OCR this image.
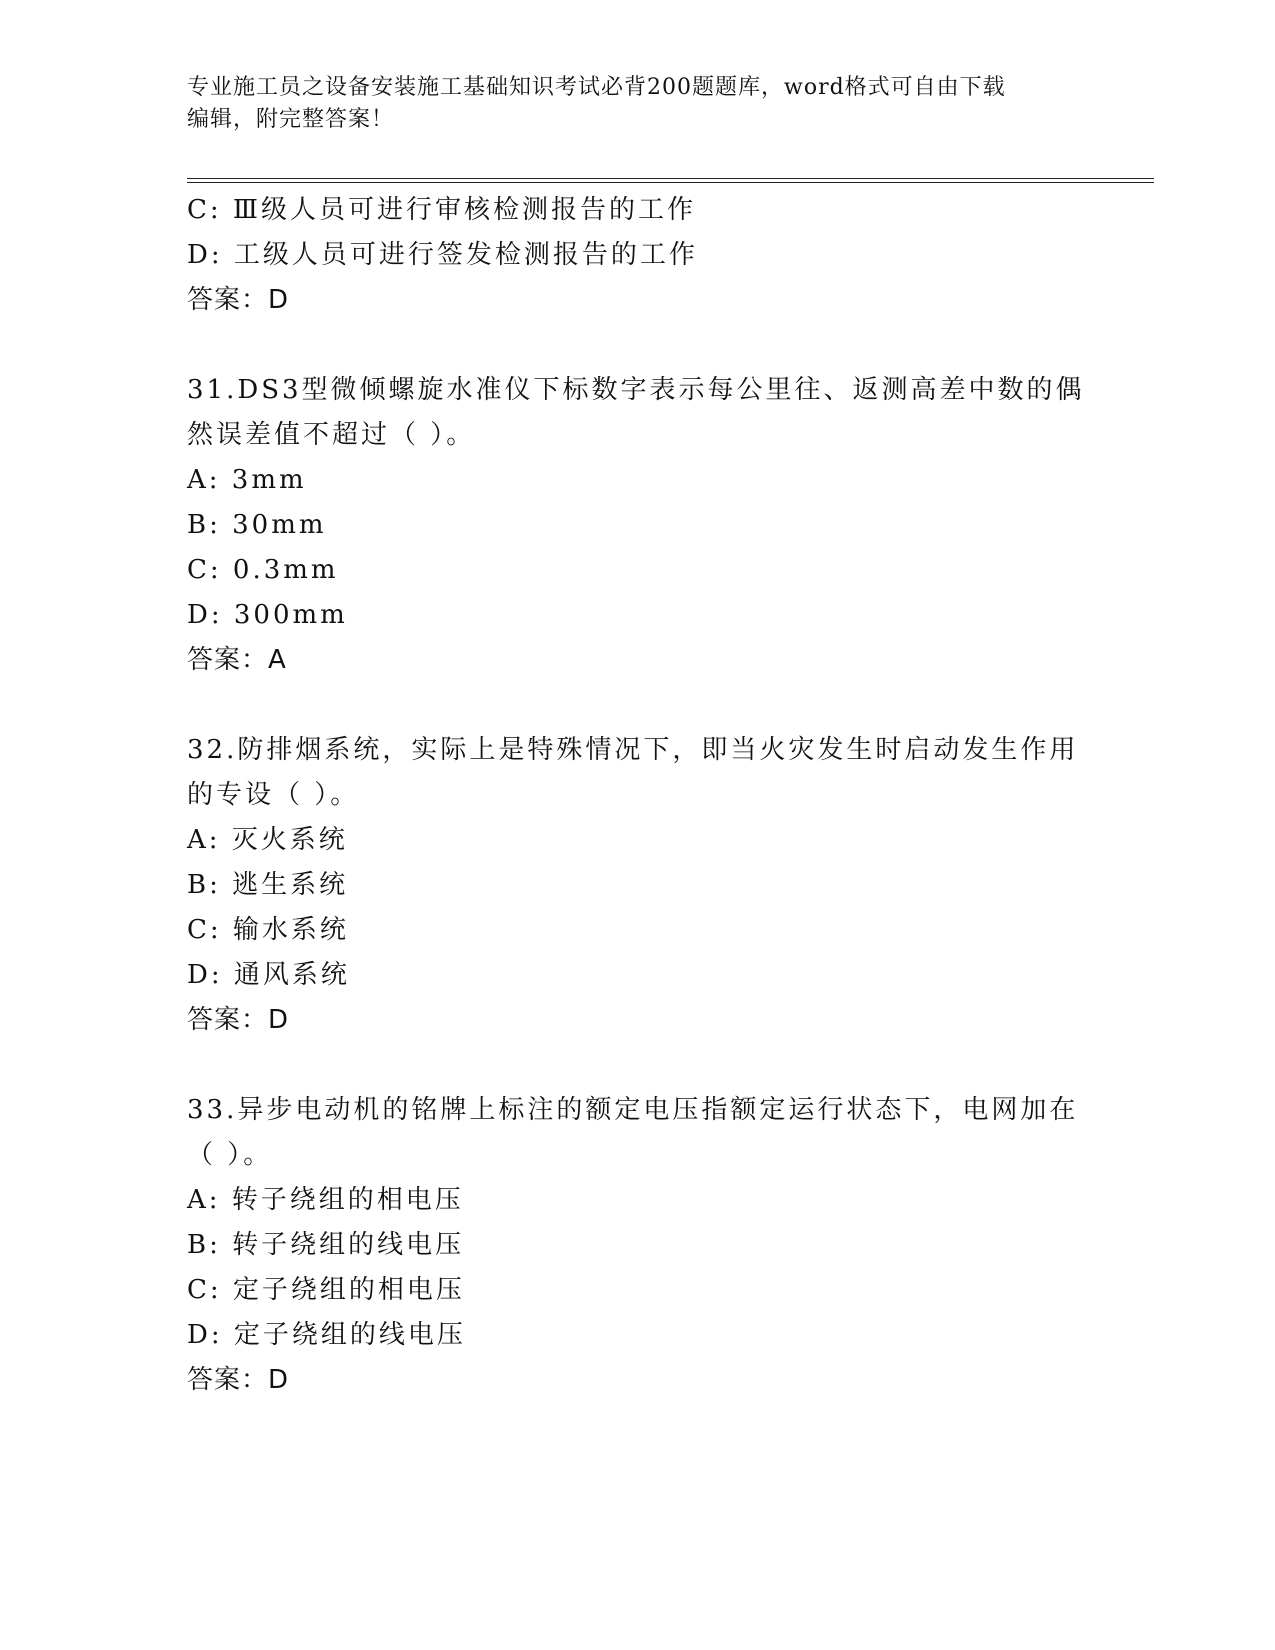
专业施工员之设备安装施工基础知识考试必背200题题库，word格式可自由下载
编辑，附完整答案！
C: Ⅲ级人员可进行审核检测报告的工作
D: 工级人员可进行签发检测报告的工作
答案：D
31.DS3型微倾螺旋水准仪下标数字表示每公里往、返测高差中数的偶
然误差值不超过（ ）。
A: 3mm
B: 30mm
C: 0.3mm
D: 300mm
答案：A
32.防排烟系统，实际上是特殊情况下，即当火灾发生时启动发生作用
的专设（ ）。
A: 灭火系统
B: 逃生系统
C: 输水系统
D: 通风系统
答案：D
33.异步电动机的铭牌上标注的额定电压指额定运行状态下，电网加在
（ ）。
A: 转子绕组的相电压
B: 转子绕组的线电压
C: 定子绕组的相电压
D: 定子绕组的线电压
答案：D
